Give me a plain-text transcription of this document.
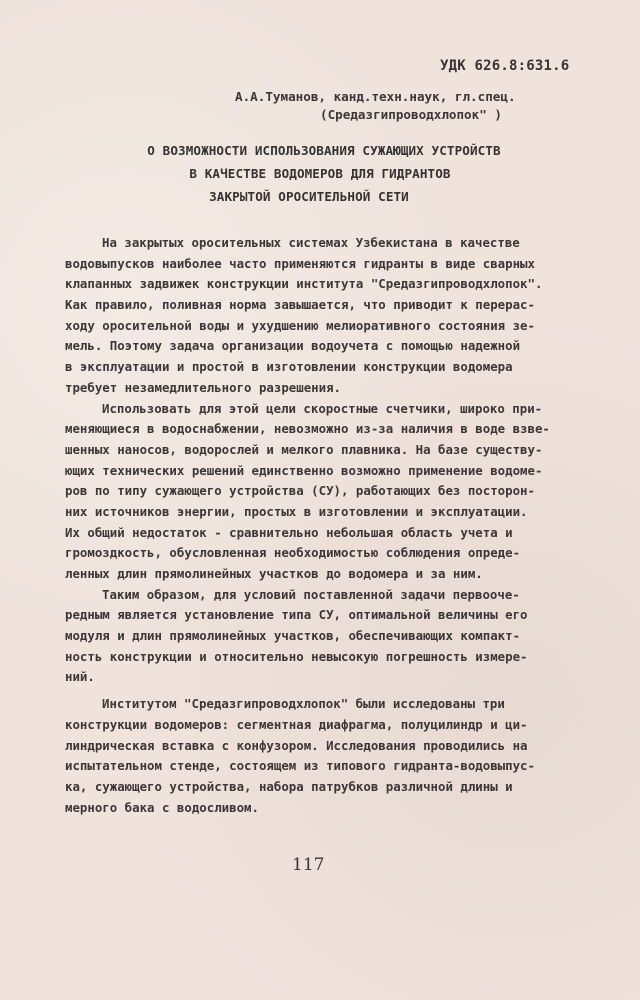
УДК 626.8:631.6
А.А.Туманов, канд.техн.наук, гл.спец.
(Средазгипроводхлопок" )
О ВОЗМОЖНОСТИ ИСПОЛЬЗОВАНИЯ СУЖАЮЩИХ УСТРОЙСТВ
В КАЧЕСТВЕ ВОДОМЕРОВ ДЛЯ ГИДРАНТОВ
ЗАКРЫТОЙ ОРОСИТЕЛЬНОЙ СЕТИ
На закрытых оросительных системах Узбекистана в качестве
водовыпусков наиболее часто применяются гидранты в виде сварных
клапанных задвижек конструкции института "Средазгипроводхлопок".
Как правило, поливная норма завышается, что приводит к перерас-
ходу оросительной воды и ухудшению мелиоративного состояния зе-
мель. Поэтому задача организации водоучета с помощью надежной
в эксплуатации и простой в изготовлении конструкции водомера
требует незамедлительного разрешения.
Использовать для этой цели скоростные счетчики, широко при-
меняющиеся в водоснабжении, невозможно из-за наличия в воде взве-
шенных наносов, водорослей и мелкого плавника. На базе существу-
ющих технических решений единственно возможно применение водоме-
ров по типу сужающего устройства (СУ), работающих без посторон-
них источников энергии, простых в изготовлении и эксплуатации.
Их общий недостаток - сравнительно небольшая область учета и
громоздкость, обусловленная необходимостью соблюдения опреде-
ленных длин прямолинейных участков до водомера и за ним.
Таким образом, для условий поставленной задачи первооче-
редным является установление типа СУ, оптимальной величины его
модуля и длин прямолинейных участков, обеспечивающих компакт-
ность конструкции и относительно невысокую погрешность измере-
ний.
Институтом "Средазгипроводхлопок" были исследованы три
конструкции водомеров: сегментная диафрагма, полуцилиндр и ци-
линдрическая вставка с конфузором. Исследования проводились на
испытательном стенде, состоящем из типового гидранта-водовыпус-
ка, сужающего устройства, набора патрубков различной длины и
мерного бака с водосливом.
117
